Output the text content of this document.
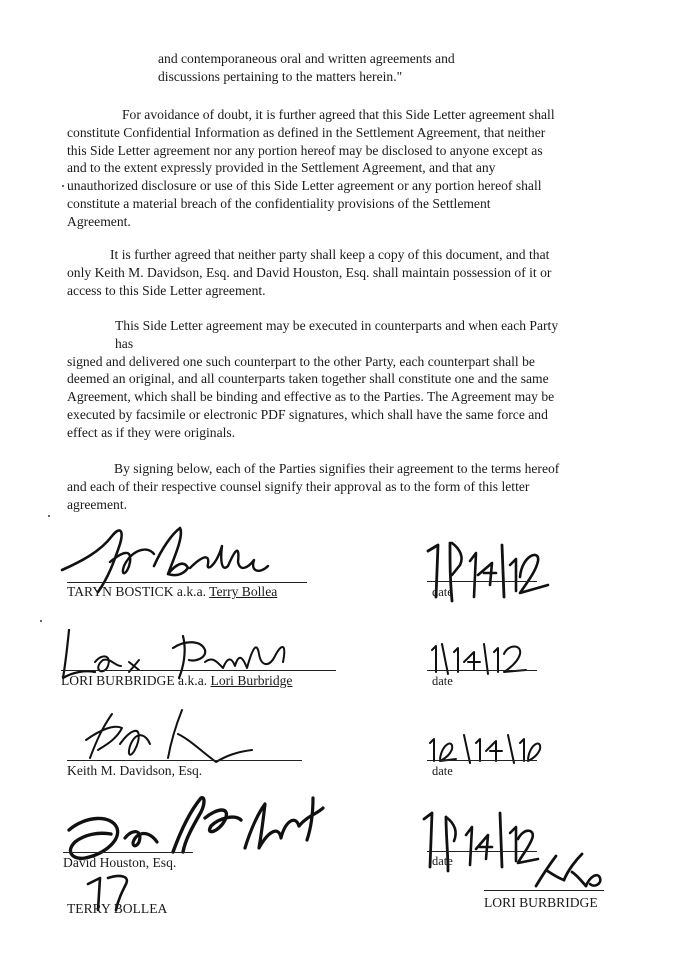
and contemporaneous oral and written agreements and
discussions pertaining to the matters herein."
For avoidance of doubt, it is further agreed that this Side Letter agreement shall
constitute Confidential Information as defined in the Settlement Agreement, that neither
this Side Letter agreement nor any portion hereof may be disclosed to anyone except as
and to the extent expressly provided in the Settlement Agreement, and that any
unauthorized disclosure or use of this Side Letter agreement or any portion hereof shall
constitute a material breach of the confidentiality provisions of the Settlement
Agreement.
It is further agreed that neither party shall keep a copy of this document, and that
only Keith M. Davidson, Esq. and David Houston, Esq. shall maintain possession of it or
access to this Side Letter agreement.
This Side Letter agreement may be executed in counterparts and when each Party
has
signed and delivered one such counterpart to the other Party, each counterpart shall be
deemed an original, and all counterparts taken together shall constitute one and the same
Agreement, which shall be binding and effective as to the Parties. The Agreement may be
executed by facsimile or electronic PDF signatures, which shall have the same force and
effect as if they were originals.
By signing below, each of the Parties signifies their agreement to the terms hereof
and each of their respective counsel signify their approval as to the form of this letter
agreement.
TARYN BOSTICK a.k.a. Terry Bollea	date
LORI BURBRIDGE a.k.a. Lori Burbridge	date
Keith M. Davidson, Esq.	date
David Houston, Esq.	date
TERRY BOLLEA	LORI BURBRIDGE
